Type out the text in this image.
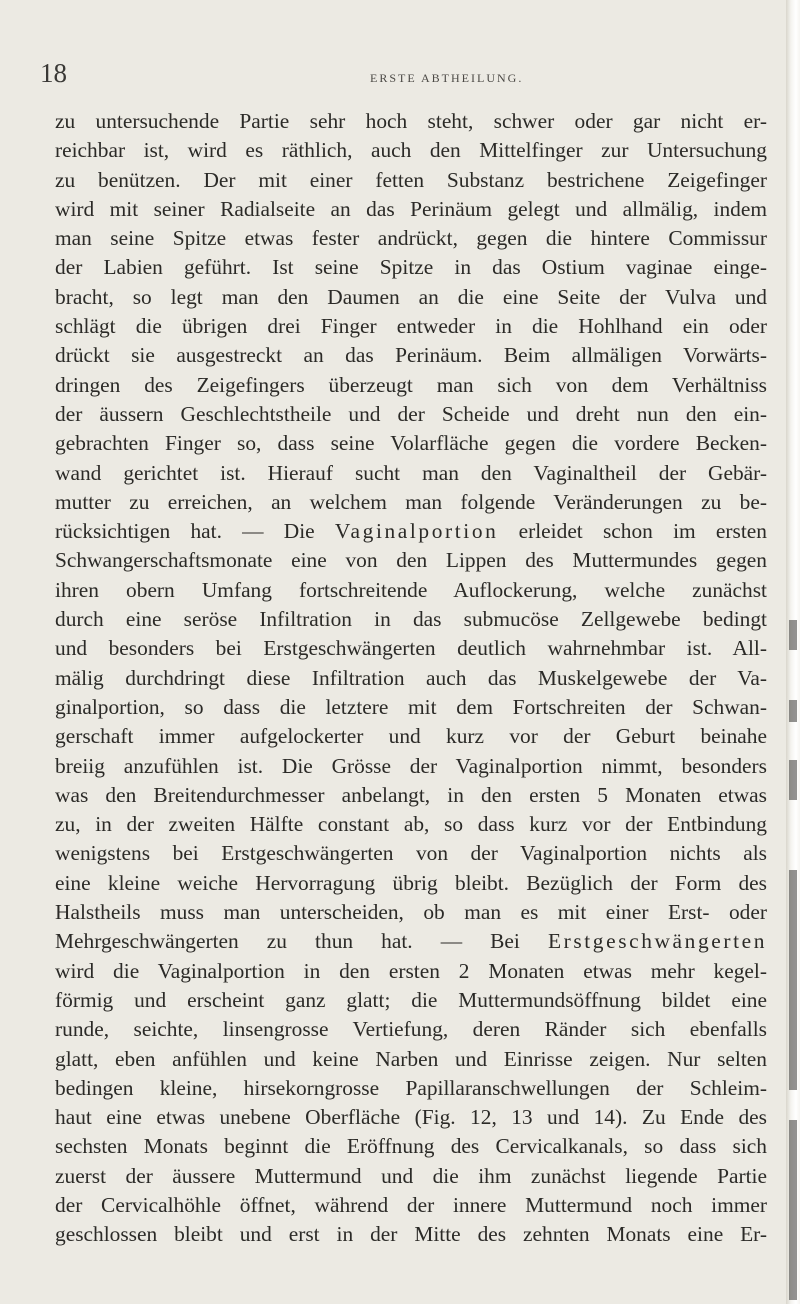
18	ERSTE ABTHEILUNG.
zu untersuchende Partie sehr hoch steht, schwer oder gar nicht er-
reichbar ist, wird es räthlich, auch den Mittelfinger zur Untersuchung
zu benützen. Der mit einer fetten Substanz bestrichene Zeigefinger
wird mit seiner Radialseite an das Perinäum gelegt und allmälig, indem
man seine Spitze etwas fester andrückt, gegen die hintere Commissur
der Labien geführt. Ist seine Spitze in das Ostium vaginae einge-
bracht, so legt man den Daumen an die eine Seite der Vulva und
schlägt die übrigen drei Finger entweder in die Hohlhand ein oder
drückt sie ausgestreckt an das Perinäum. Beim allmäligen Vorwärts-
dringen des Zeigefingers überzeugt man sich von dem Verhältniss
der äussern Geschlechtstheile und der Scheide und dreht nun den ein-
gebrachten Finger so, dass seine Volarfläche gegen die vordere Becken-
wand gerichtet ist. Hierauf sucht man den Vaginaltheil der Gebär-
mutter zu erreichen, an welchem man folgende Veränderungen zu be-
rücksichtigen hat. — Die Vaginalportion erleidet schon im ersten
Schwangerschaftsmonate eine von den Lippen des Muttermundes gegen
ihren obern Umfang fortschreitende Auflockerung, welche zunächst
durch eine seröse Infiltration in das submucöse Zellgewebe bedingt
und besonders bei Erstgeschwängerten deutlich wahrnehmbar ist. All-
mälig durchdringt diese Infiltration auch das Muskelgewebe der Va-
ginalportion, so dass die letztere mit dem Fortschreiten der Schwan-
gerschaft immer aufgelockerter und kurz vor der Geburt beinahe
breiig anzufühlen ist. Die Grösse der Vaginalportion nimmt, besonders
was den Breitendurchmesser anbelangt, in den ersten 5 Monaten etwas
zu, in der zweiten Hälfte constant ab, so dass kurz vor der Entbindung
wenigstens bei Erstgeschwängerten von der Vaginalportion nichts als
eine kleine weiche Hervorragung übrig bleibt. Bezüglich der Form des
Halstheils muss man unterscheiden, ob man es mit einer Erst- oder
Mehrgeschwängerten zu thun hat. — Bei Erstgeschwängerten
wird die Vaginalportion in den ersten 2 Monaten etwas mehr kegel-
förmig und erscheint ganz glatt; die Muttermundsöffnung bildet eine
runde, seichte, linsengrosse Vertiefung, deren Ränder sich ebenfalls
glatt, eben anfühlen und keine Narben und Einrisse zeigen. Nur selten
bedingen kleine, hirsekorngrosse Papillaranschwellungen der Schleim-
haut eine etwas unebene Oberfläche (Fig. 12, 13 und 14). Zu Ende des
sechsten Monats beginnt die Eröffnung des Cervicalkanals, so dass sich
zuerst der äussere Muttermund und die ihm zunächst liegende Partie
der Cervicalhöhle öffnet, während der innere Muttermund noch immer
geschlossen bleibt und erst in der Mitte des zehnten Monats eine Er-
